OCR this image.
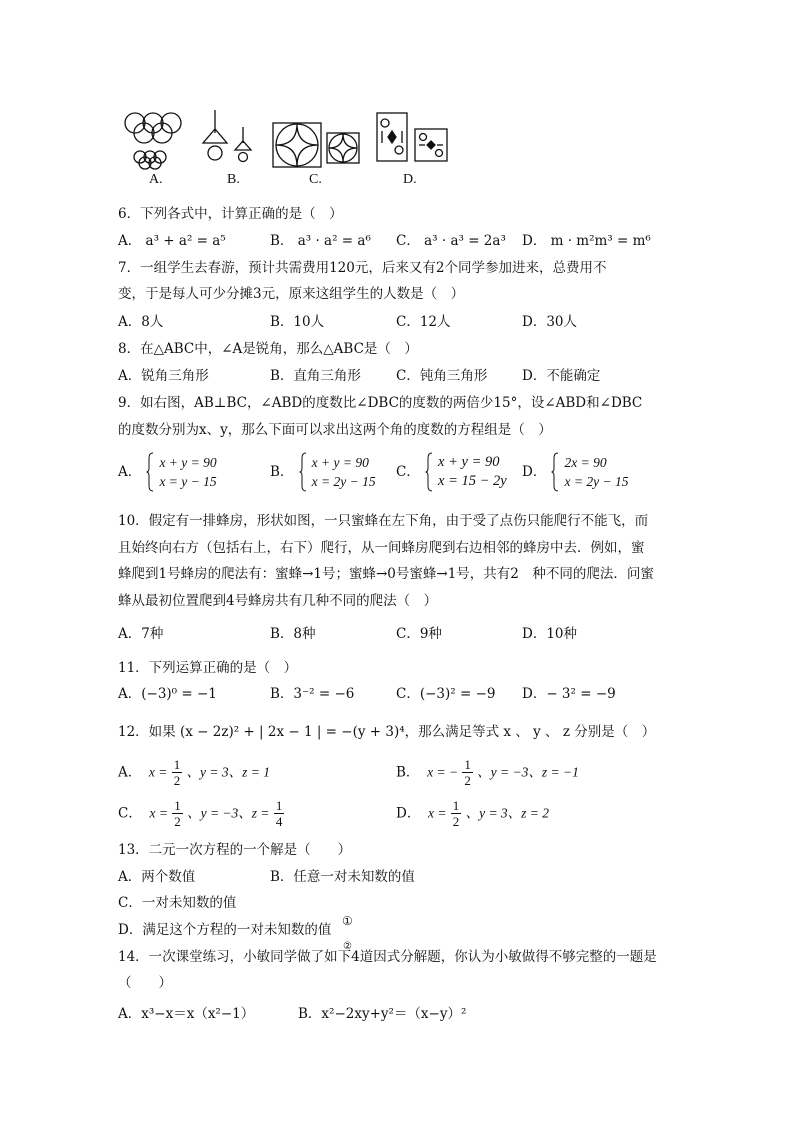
A.	B.	C.	D.
6．下列各式中，计算正确的是（　）
A． a³ + a² = a⁵	B． a³ · a² = a⁶ C． a³ · a³ = 2a³ D． m · m²m³ = m⁶
7．一组学生去春游，预计共需费用120元，后来又有2个同学参加进来，总费用不
变，于是每人可少分摊3元，原来这组学生的人数是（　）
A．8人	B．10人	C．12人	D．30人
8．在△ABC中，∠A是锐角，那么△ABC是（　）
A．锐角三角形	B．直角三角形	C．钝角三角形	D．不能确定
9．如右图，AB⊥BC，∠ABD的度数比∠DBC的度数的两倍少15°，设∠ABD和∠DBC
的度数分别为x、y，那么下面可以求出这两个角的度数的方程组是（　）
A．
x + y = 90
x = y − 15
B．
x + y = 90
x = 2y − 15
C．
x + y = 90
x = 15 − 2y
D．
2x = 90
x = 2y − 15
10．假定有一排蜂房，形状如图，一只蜜蜂在左下角，由于受了点伤只能爬行不能飞，而
且始终向右方（包括右上，右下）爬行，从一间蜂房爬到右边相邻的蜂房中去．例如，蜜
蜂爬到1号蜂房的爬法有：蜜蜂→1号；蜜蜂→0号蜜蜂→1号，共有2　种不同的爬法．问蜜
蜂从最初位置爬到4号蜂房共有几种不同的爬法（　）
A．7种	B．8种	C．9种	D．10种
11．下列运算正确的是（　）
A．(−3)⁰ = −1	B．3⁻² = −6	C．(−3)² = −9 D．− 3² = −9
12．如果 (x − 2z)² + | 2x − 1 | = −(y + 3)⁴，那么满足等式 x 、 y 、 z 分别是（　）
A．  $x = \frac{1}{2}$ 、y = 3、z = 1	B．  x = − $\frac{1}{2}$ 、y = −3、z = −1
C．  $x = \frac{1}{2}$ 、y = −3、$z = \frac{1}{4}$	D．  $x = \frac{1}{2}$ 、y = 3、z = 2
13．二元一次方程的一个解是（　　）
A．两个数值	B．任意一对未知数的值
C．一对未知数的值
D．满足这个方程的一对未知数的值
①
14．一次课堂练习，小敏同学做了如下4道因式分解题，你认为小敏做得不够完整的一题是
②
（　　）
A．x³−x＝x（x²−1）	B．x²−2xy+y²＝（x−y）²
